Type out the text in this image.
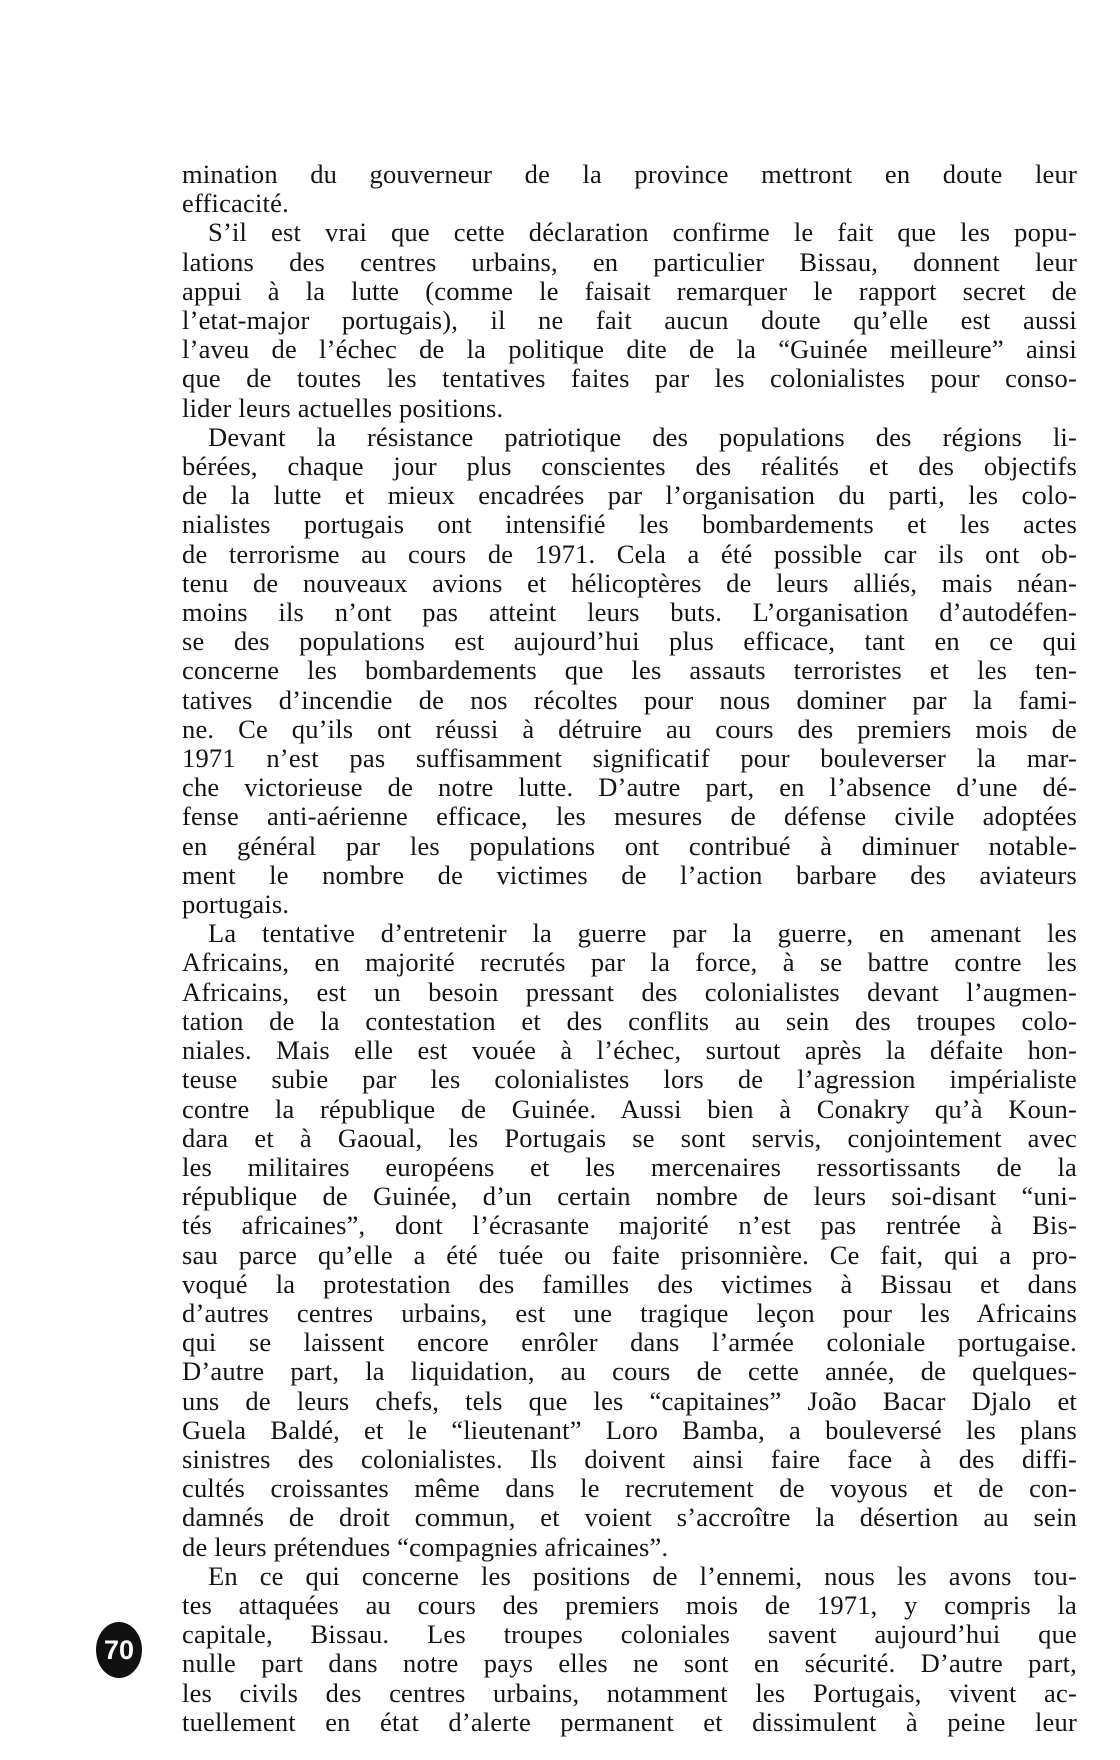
mination du gouverneur de la province mettront en doute leur
efficacité.
S’il est vrai que cette déclaration confirme le fait que les popu-
lations des centres urbains, en particulier Bissau, donnent leur
appui à la lutte (comme le faisait remarquer le rapport secret de
l’etat-major portugais), il ne fait aucun doute qu’elle est aussi
l’aveu de l’échec de la politique dite de la “Guinée meilleure” ainsi
que de toutes les tentatives faites par les colonialistes pour conso-
lider leurs actuelles positions.
Devant la résistance patriotique des populations des régions li-
bérées, chaque jour plus conscientes des réalités et des objectifs
de la lutte et mieux encadrées par l’organisation du parti, les colo-
nialistes portugais ont intensifié les bombardements et les actes
de terrorisme au cours de 1971. Cela a été possible car ils ont ob-
tenu de nouveaux avions et hélicoptères de leurs alliés, mais néan-
moins ils n’ont pas atteint leurs buts. L’organisation d’autodéfen-
se des populations est aujourd’hui plus efficace, tant en ce qui
concerne les bombardements que les assauts terroristes et les ten-
tatives d’incendie de nos récoltes pour nous dominer par la fami-
ne. Ce qu’ils ont réussi à détruire au cours des premiers mois de
1971 n’est pas suffisamment significatif pour bouleverser la mar-
che victorieuse de notre lutte. D’autre part, en l’absence d’une dé-
fense anti-aérienne efficace, les mesures de défense civile adoptées
en général par les populations ont contribué à diminuer notable-
ment le nombre de victimes de l’action barbare des aviateurs
portugais.
La tentative d’entretenir la guerre par la guerre, en amenant les
Africains, en majorité recrutés par la force, à se battre contre les
Africains, est un besoin pressant des colonialistes devant l’augmen-
tation de la contestation et des conflits au sein des troupes colo-
niales. Mais elle est vouée à l’échec, surtout après la défaite hon-
teuse subie par les colonialistes lors de l’agression impérialiste
contre la république de Guinée. Aussi bien à Conakry qu’à Koun-
dara et à Gaoual, les Portugais se sont servis, conjointement avec
les militaires européens et les mercenaires ressortissants de la
république de Guinée, d’un certain nombre de leurs soi-disant “uni-
tés africaines”, dont l’écrasante majorité n’est pas rentrée à Bis-
sau parce qu’elle a été tuée ou faite prisonnière. Ce fait, qui a pro-
voqué la protestation des familles des victimes à Bissau et dans
d’autres centres urbains, est une tragique leçon pour les Africains
qui se laissent encore enrôler dans l’armée coloniale portugaise.
D’autre part, la liquidation, au cours de cette année, de quelques-
uns de leurs chefs, tels que les “capitaines” João Bacar Djalo et
Guela Baldé, et le “lieutenant” Loro Bamba, a bouleversé les plans
sinistres des colonialistes. Ils doivent ainsi faire face à des diffi-
cultés croissantes même dans le recrutement de voyous et de con-
damnés de droit commun, et voient s’accroître la désertion au sein
de leurs prétendues “compagnies africaines”.
En ce qui concerne les positions de l’ennemi, nous les avons tou-
tes attaquées au cours des premiers mois de 1971, y compris la
capitale, Bissau. Les troupes coloniales savent aujourd’hui que
nulle part dans notre pays elles ne sont en sécurité. D’autre part,
les civils des centres urbains, notamment les Portugais, vivent ac-
tuellement en état d’alerte permanent et dissimulent à peine leur
70
